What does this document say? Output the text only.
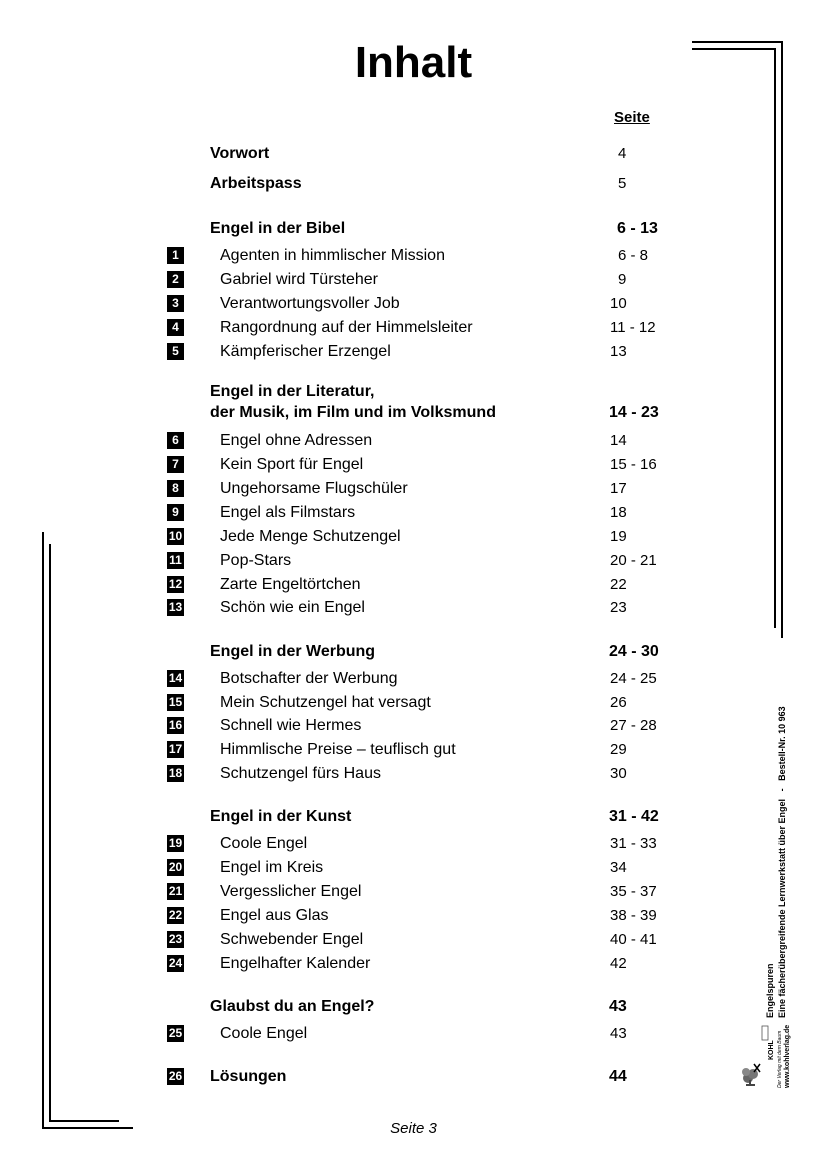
Inhalt
Seite
Vorwort	4
Arbeitspass	5
Engel in der Bibel	6 - 13
1	Agenten in himmlischer Mission	6 - 8
2	Gabriel wird Türsteher	9
3	Verantwortungsvoller Job	10
4	Rangordnung auf der Himmelsleiter	11 - 12
5	Kämpferischer Erzengel	13
Engel in der Literatur,
der Musik, im Film und im Volksmund	14 - 23
6	Engel ohne Adressen	14
7	Kein Sport für Engel	15 - 16
8	Ungehorsame Flugschüler	17
9	Engel als Filmstars	18
10 Jede Menge Schutzengel	19
11 Pop-Stars	20 - 21
12 Zarte Engeltörtchen	22
13 Schön wie ein Engel	23
Engel in der Werbung	24 - 30
14 Botschafter der Werbung	24 - 25
15 Mein Schutzengel hat versagt	26
16 Schnell wie Hermes	27 - 28
17 Himmlische Preise – teuflisch gut	29
18 Schutzengel fürs Haus	30
Engel in der Kunst	31 - 42
19 Coole Engel	31 - 33
20 Engel im Kreis	34
21 Vergesslicher Engel	35 - 37
22 Engel aus Glas	38 - 39
23 Schwebender Engel	40 - 41
24 Engelhafter Kalender	42
Glaubst du an Engel?	43
25 Coole Engel	43
26 Lösungen	44
Engelspuren Eine fächerübergreifende Lernwerkstatt über Engel   -   Bestell-Nr. 10 963
www.kohlverlag.de
Der Verlag mit dem Baum
KOHL
Seite 3
